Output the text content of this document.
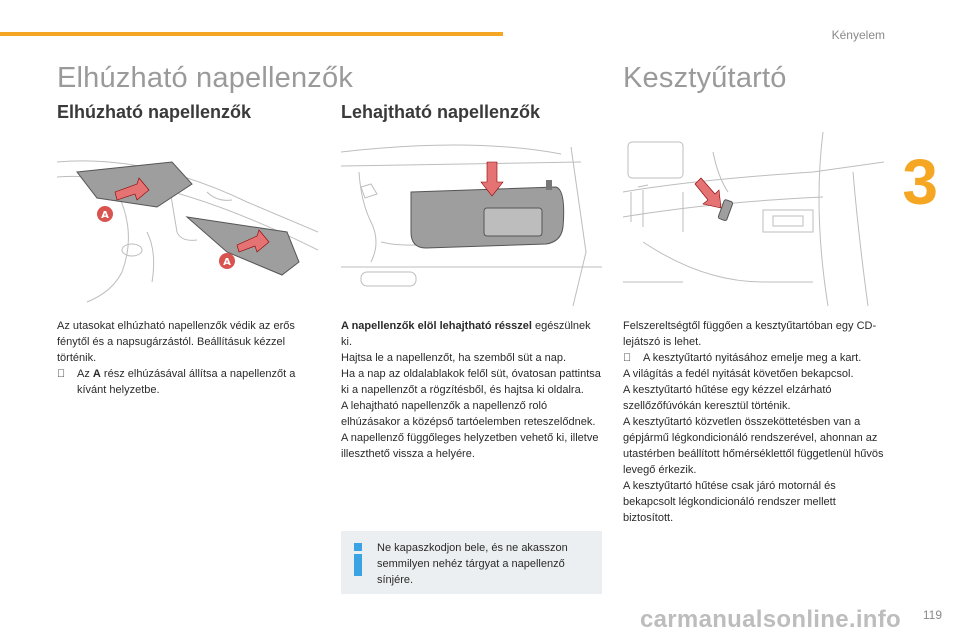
Kényelem
3
Elhúzható napellenzők	Kesztyűtartó
Elhúzható napellenzők	Lehajtható napellenzők
A
A

Az utasokat elhúzható napellenzők védik az erős fénytől és a napsugárzástól. Beállításuk kézzel történik.

Az A rész elhúzásával állítsa a napellenzőt a kívánt helyzetbe.

A napellenzők elöl lehajtható résszel egészülnek ki.

Hajtsa le a napellenzőt, ha szemből süt a nap.

Ha a nap az oldalablakok felől süt, óvatosan pattintsa ki a napellenzőt a rögzítésből, és hajtsa ki oldalra.

A lehajtható napellenzők a napellenző roló elhúzásakor a középső tartóelemben reteszelődnek. A napellenző függőleges helyzetben vehető ki, illetve illeszthető vissza a helyére.

Ne kapaszkodjon bele, és ne akasszon semmilyen nehéz tárgyat a napellenző sínjére.

Felszereltségtől függően a kesztyűtartóban egy CD-lejátszó is lehet.

A kesztyűtartó nyitásához emelje meg a kart.

A világítás a fedél nyitását követően bekapcsol.

A kesztyűtartó hűtése egy kézzel elzárható szellőzőfúvókán keresztül történik.

A kesztyűtartó közvetlen összeköttetésben van a gépjármű légkondicionáló rendszerével, ahonnan az utastérben beállított hőmérséklettől függetlenül hűvös levegő érkezik.

A kesztyűtartó hűtése csak járó motornál és bekapcsolt légkondicionáló rendszer mellett biztosított.

119
carmanualsonline.info
